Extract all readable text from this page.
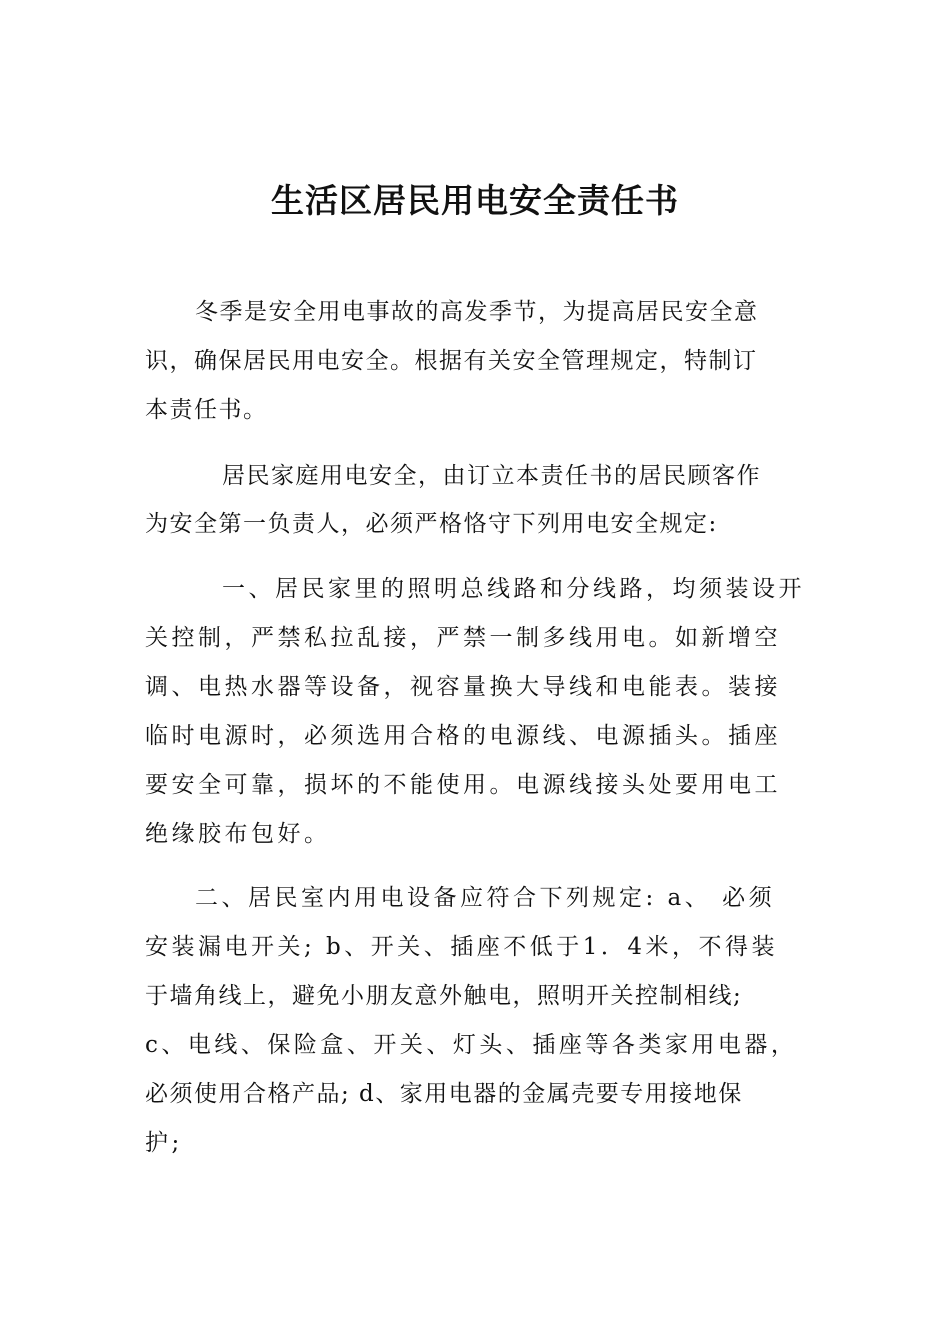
生活区居民用电安全责任书

冬季是安全用电事故的高发季节，为提高居民安全意

识，确保居民用电安全。根据有关安全管理规定，特制订

本责任书。

居民家庭用电安全，由订立本责任书的居民顾客作

为安全第一负责人，必须严格恪守下列用电安全规定:

一、居民家里的照明总线路和分线路，均须装设开

关控制，严禁私拉乱接，严禁一制多线用电。如新增空

调、电热水器等设备，视容量换大导线和电能表。装接

临时电源时，必须选用合格的电源线、电源插头。插座

要安全可靠，损坏的不能使用。电源线接头处要用电工

绝缘胶布包好。

二、居民室内用电设备应符合下列规定: a、 必须

安装漏电开关; b、开关、插座不低于1．4米，不得装

于墙角线上，避免小朋友意外触电，照明开关控制相线;

c、电线、保险盒、开关、灯头、插座等各类家用电器，

必须使用合格产品; d、家用电器的金属壳要专用接地保

护;
